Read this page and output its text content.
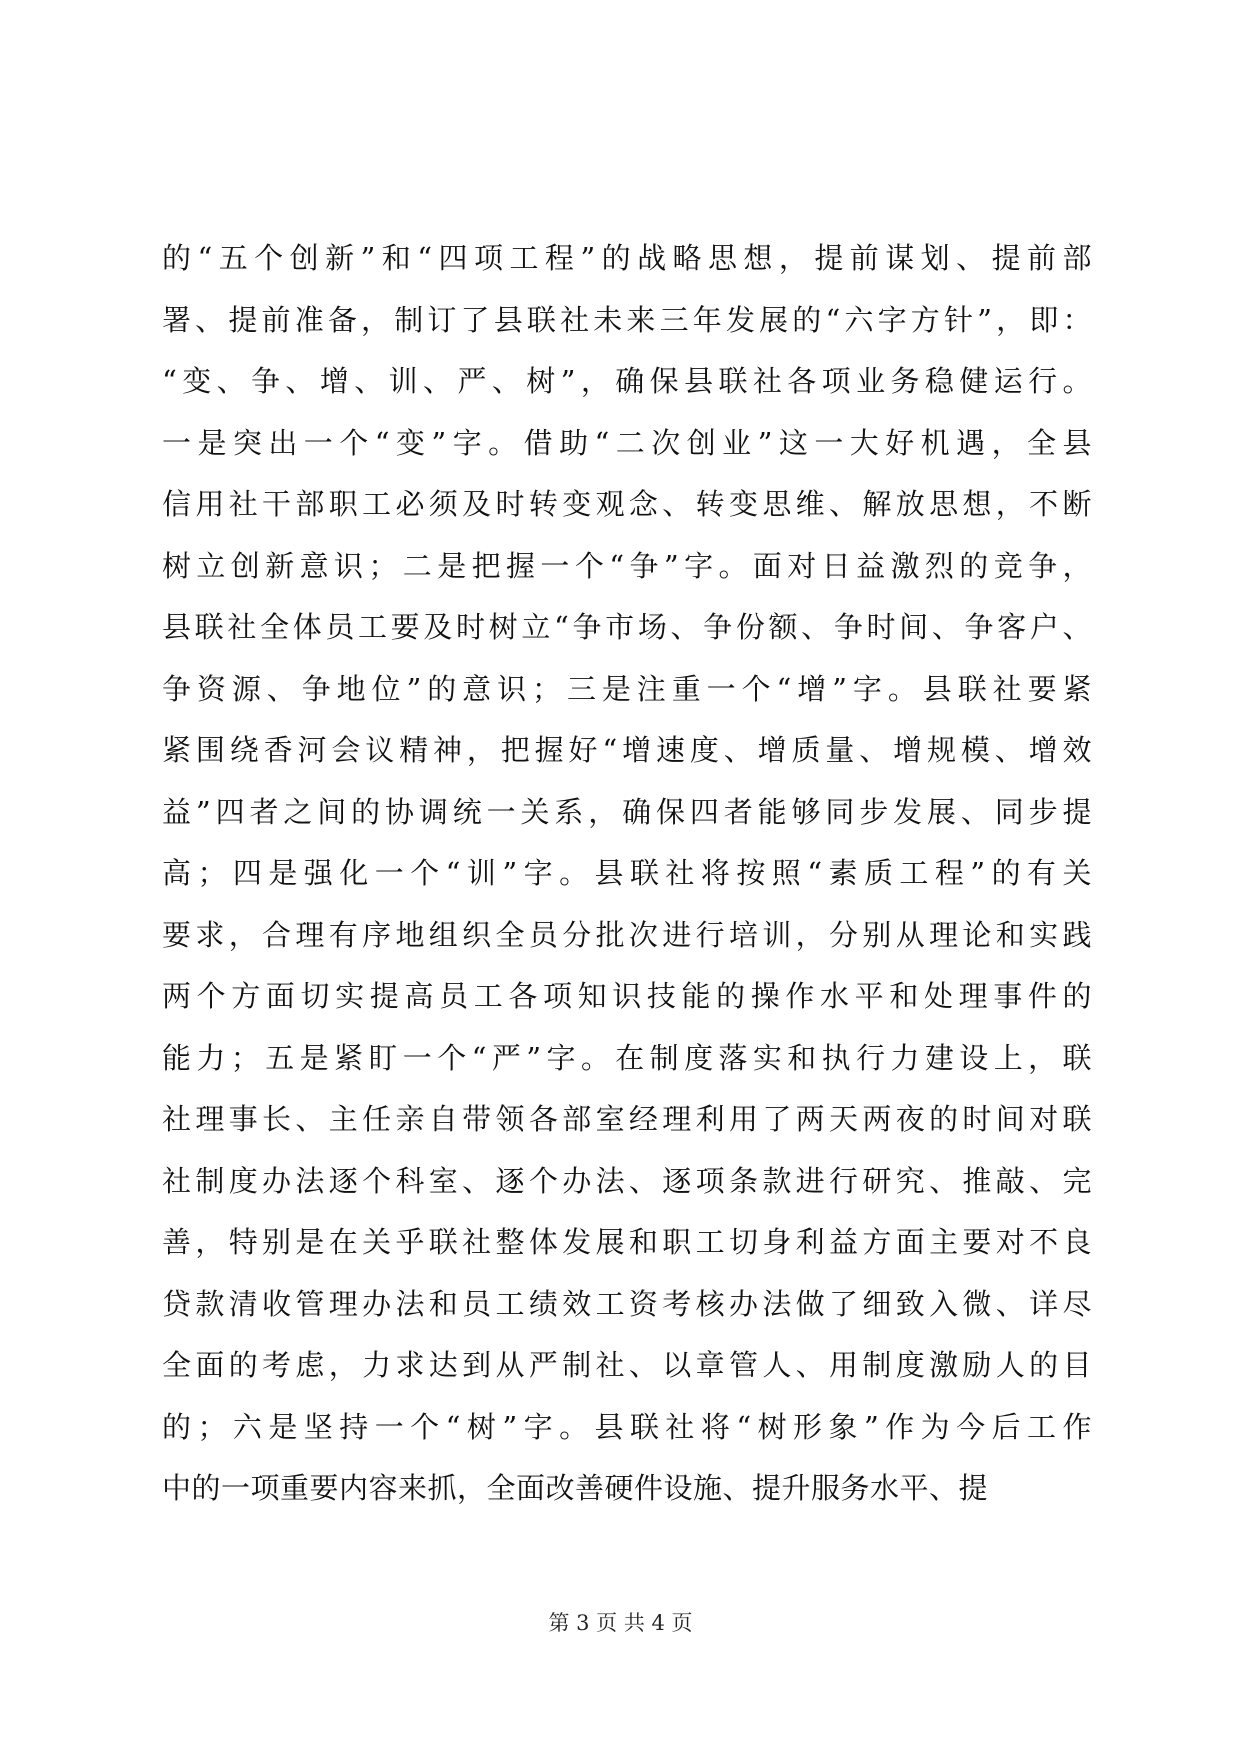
的“五个创新”和“四项工程”的战略思想，提前谋划、提前部
署、提前准备，制订了县联社未来三年发展的“六字方针”，即：
“变、争、增、训、严、树”，确保县联社各项业务稳健运行。
一是突出一个“变”字。借助“二次创业”这一大好机遇，全县
信用社干部职工必须及时转变观念、转变思维、解放思想，不断
树立创新意识；二是把握一个“争”字。面对日益激烈的竞争，
县联社全体员工要及时树立“争市场、争份额、争时间、争客户、
争资源、争地位”的意识；三是注重一个“增”字。县联社要紧
紧围绕香河会议精神，把握好“增速度、增质量、增规模、增效
益”四者之间的协调统一关系，确保四者能够同步发展、同步提
高；四是强化一个“训”字。县联社将按照“素质工程”的有关
要求，合理有序地组织全员分批次进行培训，分别从理论和实践
两个方面切实提高员工各项知识技能的操作水平和处理事件的
能力；五是紧盯一个“严”字。在制度落实和执行力建设上，联
社理事长、主任亲自带领各部室经理利用了两天两夜的时间对联
社制度办法逐个科室、逐个办法、逐项条款进行研究、推敲、完
善，特别是在关乎联社整体发展和职工切身利益方面主要对不良
贷款清收管理办法和员工绩效工资考核办法做了细致入微、详尽
全面的考虑，力求达到从严制社、以章管人、用制度激励人的目
的；六是坚持一个“树”字。县联社将“树形象”作为今后工作
中的一项重要内容来抓，全面改善硬件设施、提升服务水平、提
第 3 页 共 4 页
